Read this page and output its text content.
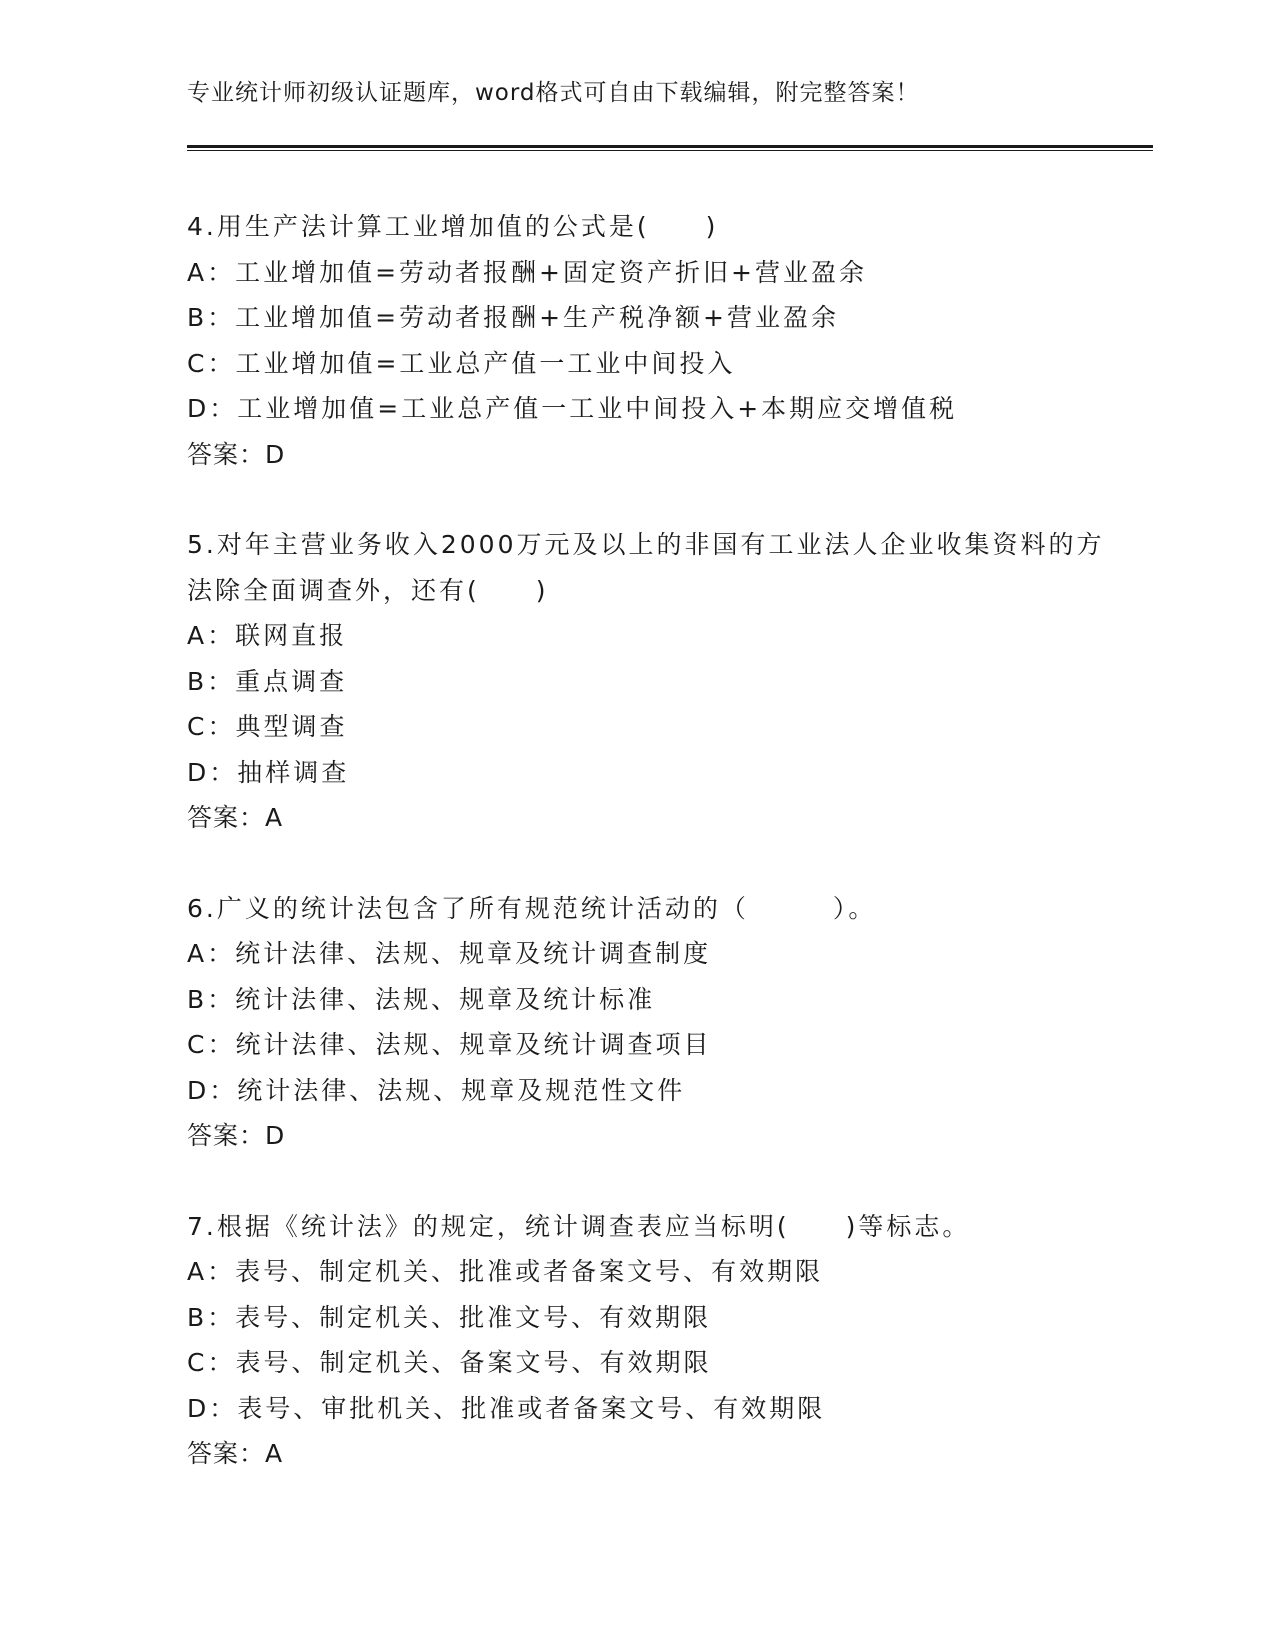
专业统计师初级认证题库，word格式可自由下载编辑，附完整答案！
4.用生产法计算工业增加值的公式是(　　)
A：工业增加值=劳动者报酬+固定资产折旧+营业盈余
B：工业增加值=劳动者报酬+生产税净额+营业盈余
C：工业增加值=工业总产值一工业中间投入
D：工业增加值=工业总产值一工业中间投入+本期应交增值税
答案：D
5.对年主营业务收入2000万元及以上的非国有工业法人企业收集资料的方法除全面调查外，还有(　　)
A：联网直报
B：重点调查
C：典型调查
D：抽样调查
答案：A
6.广义的统计法包含了所有规范统计活动的（　　　）。
A：统计法律、法规、规章及统计调查制度
B：统计法律、法规、规章及统计标准
C：统计法律、法规、规章及统计调查项目
D：统计法律、法规、规章及规范性文件
答案：D
7.根据《统计法》的规定，统计调查表应当标明(　　)等标志。
A：表号、制定机关、批准或者备案文号、有效期限
B：表号、制定机关、批准文号、有效期限
C：表号、制定机关、备案文号、有效期限
D：表号、审批机关、批准或者备案文号、有效期限
答案：A
